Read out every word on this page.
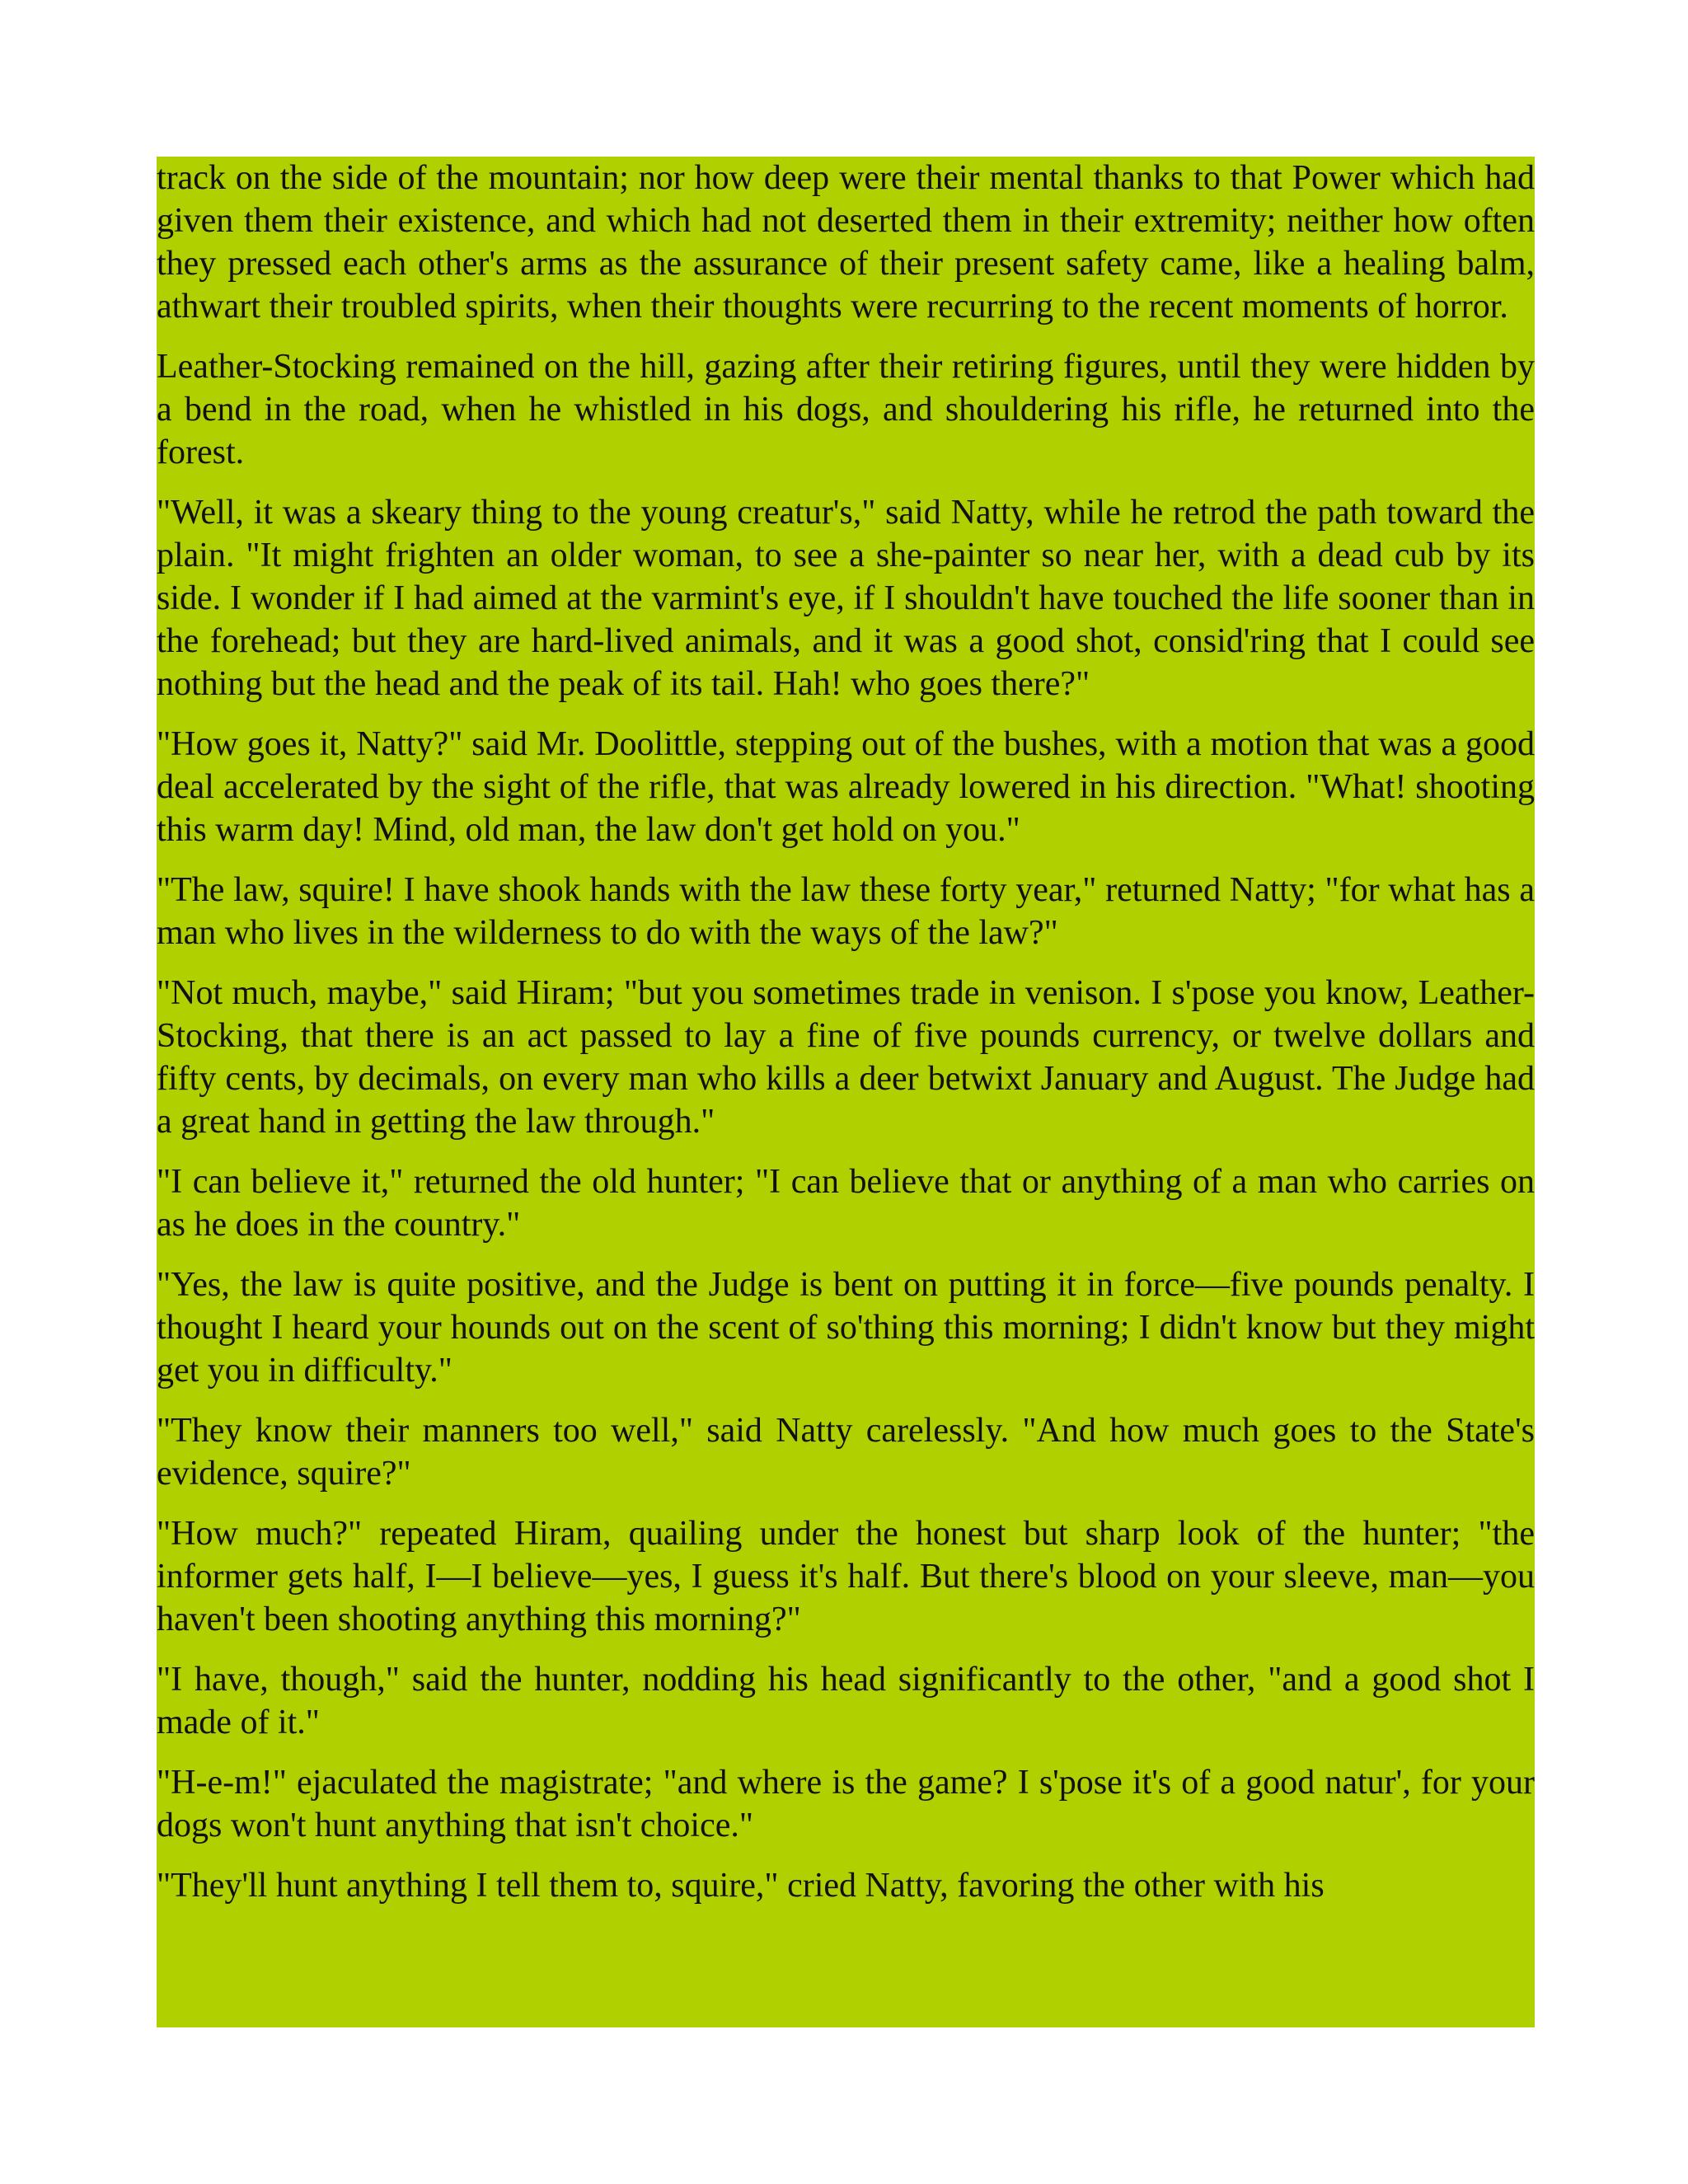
track on the side of the mountain; nor how deep were their mental thanks to that Power which had given them their existence, and which had not deserted them in their extremity; neither how often they pressed each other's arms as the assurance of their present safety came, like a healing balm, athwart their troubled spirits, when their thoughts were recurring to the recent moments of horror.

Leather-Stocking remained on the hill, gazing after their retiring figures, until they were hidden by a bend in the road, when he whistled in his dogs, and shouldering his rifle, he returned into the forest.

"Well, it was a skeary thing to the young creatur's," said Natty, while he retrod the path toward the plain. "It might frighten an older woman, to see a she-painter so near her, with a dead cub by its side. I wonder if I had aimed at the varmint's eye, if I shouldn't have touched the life sooner than in the forehead; but they are hard-lived animals, and it was a good shot, consid'ring that I could see nothing but the head and the peak of its tail. Hah! who goes there?"

"How goes it, Natty?" said Mr. Doolittle, stepping out of the bushes, with a motion that was a good deal accelerated by the sight of the rifle, that was already lowered in his direction. "What! shooting this warm day! Mind, old man, the law don't get hold on you."

"The law, squire! I have shook hands with the law these forty year," returned Natty; "for what has a man who lives in the wilderness to do with the ways of the law?"

"Not much, maybe," said Hiram; "but you sometimes trade in venison. I s'pose you know, Leather-Stocking, that there is an act passed to lay a fine of five pounds currency, or twelve dollars and fifty cents, by decimals, on every man who kills a deer betwixt January and August. The Judge had a great hand in getting the law through."

"I can believe it," returned the old hunter; "I can believe that or anything of a man who carries on as he does in the country."

"Yes, the law is quite positive, and the Judge is bent on putting it in force—five pounds penalty. I thought I heard your hounds out on the scent of so'thing this morning; I didn't know but they might get you in difficulty."

"They know their manners too well," said Natty carelessly. "And how much goes to the State's evidence, squire?"

"How much?" repeated Hiram, quailing under the honest but sharp look of the hunter; "the informer gets half, I—I believe—yes, I guess it's half. But there's blood on your sleeve, man—you haven't been shooting anything this morning?"

"I have, though," said the hunter, nodding his head significantly to the other, "and a good shot I made of it."

"H-e-m!" ejaculated the magistrate; "and where is the game? I s'pose it's of a good natur', for your dogs won't hunt anything that isn't choice."

"They'll hunt anything I tell them to, squire," cried Natty, favoring the other with his
